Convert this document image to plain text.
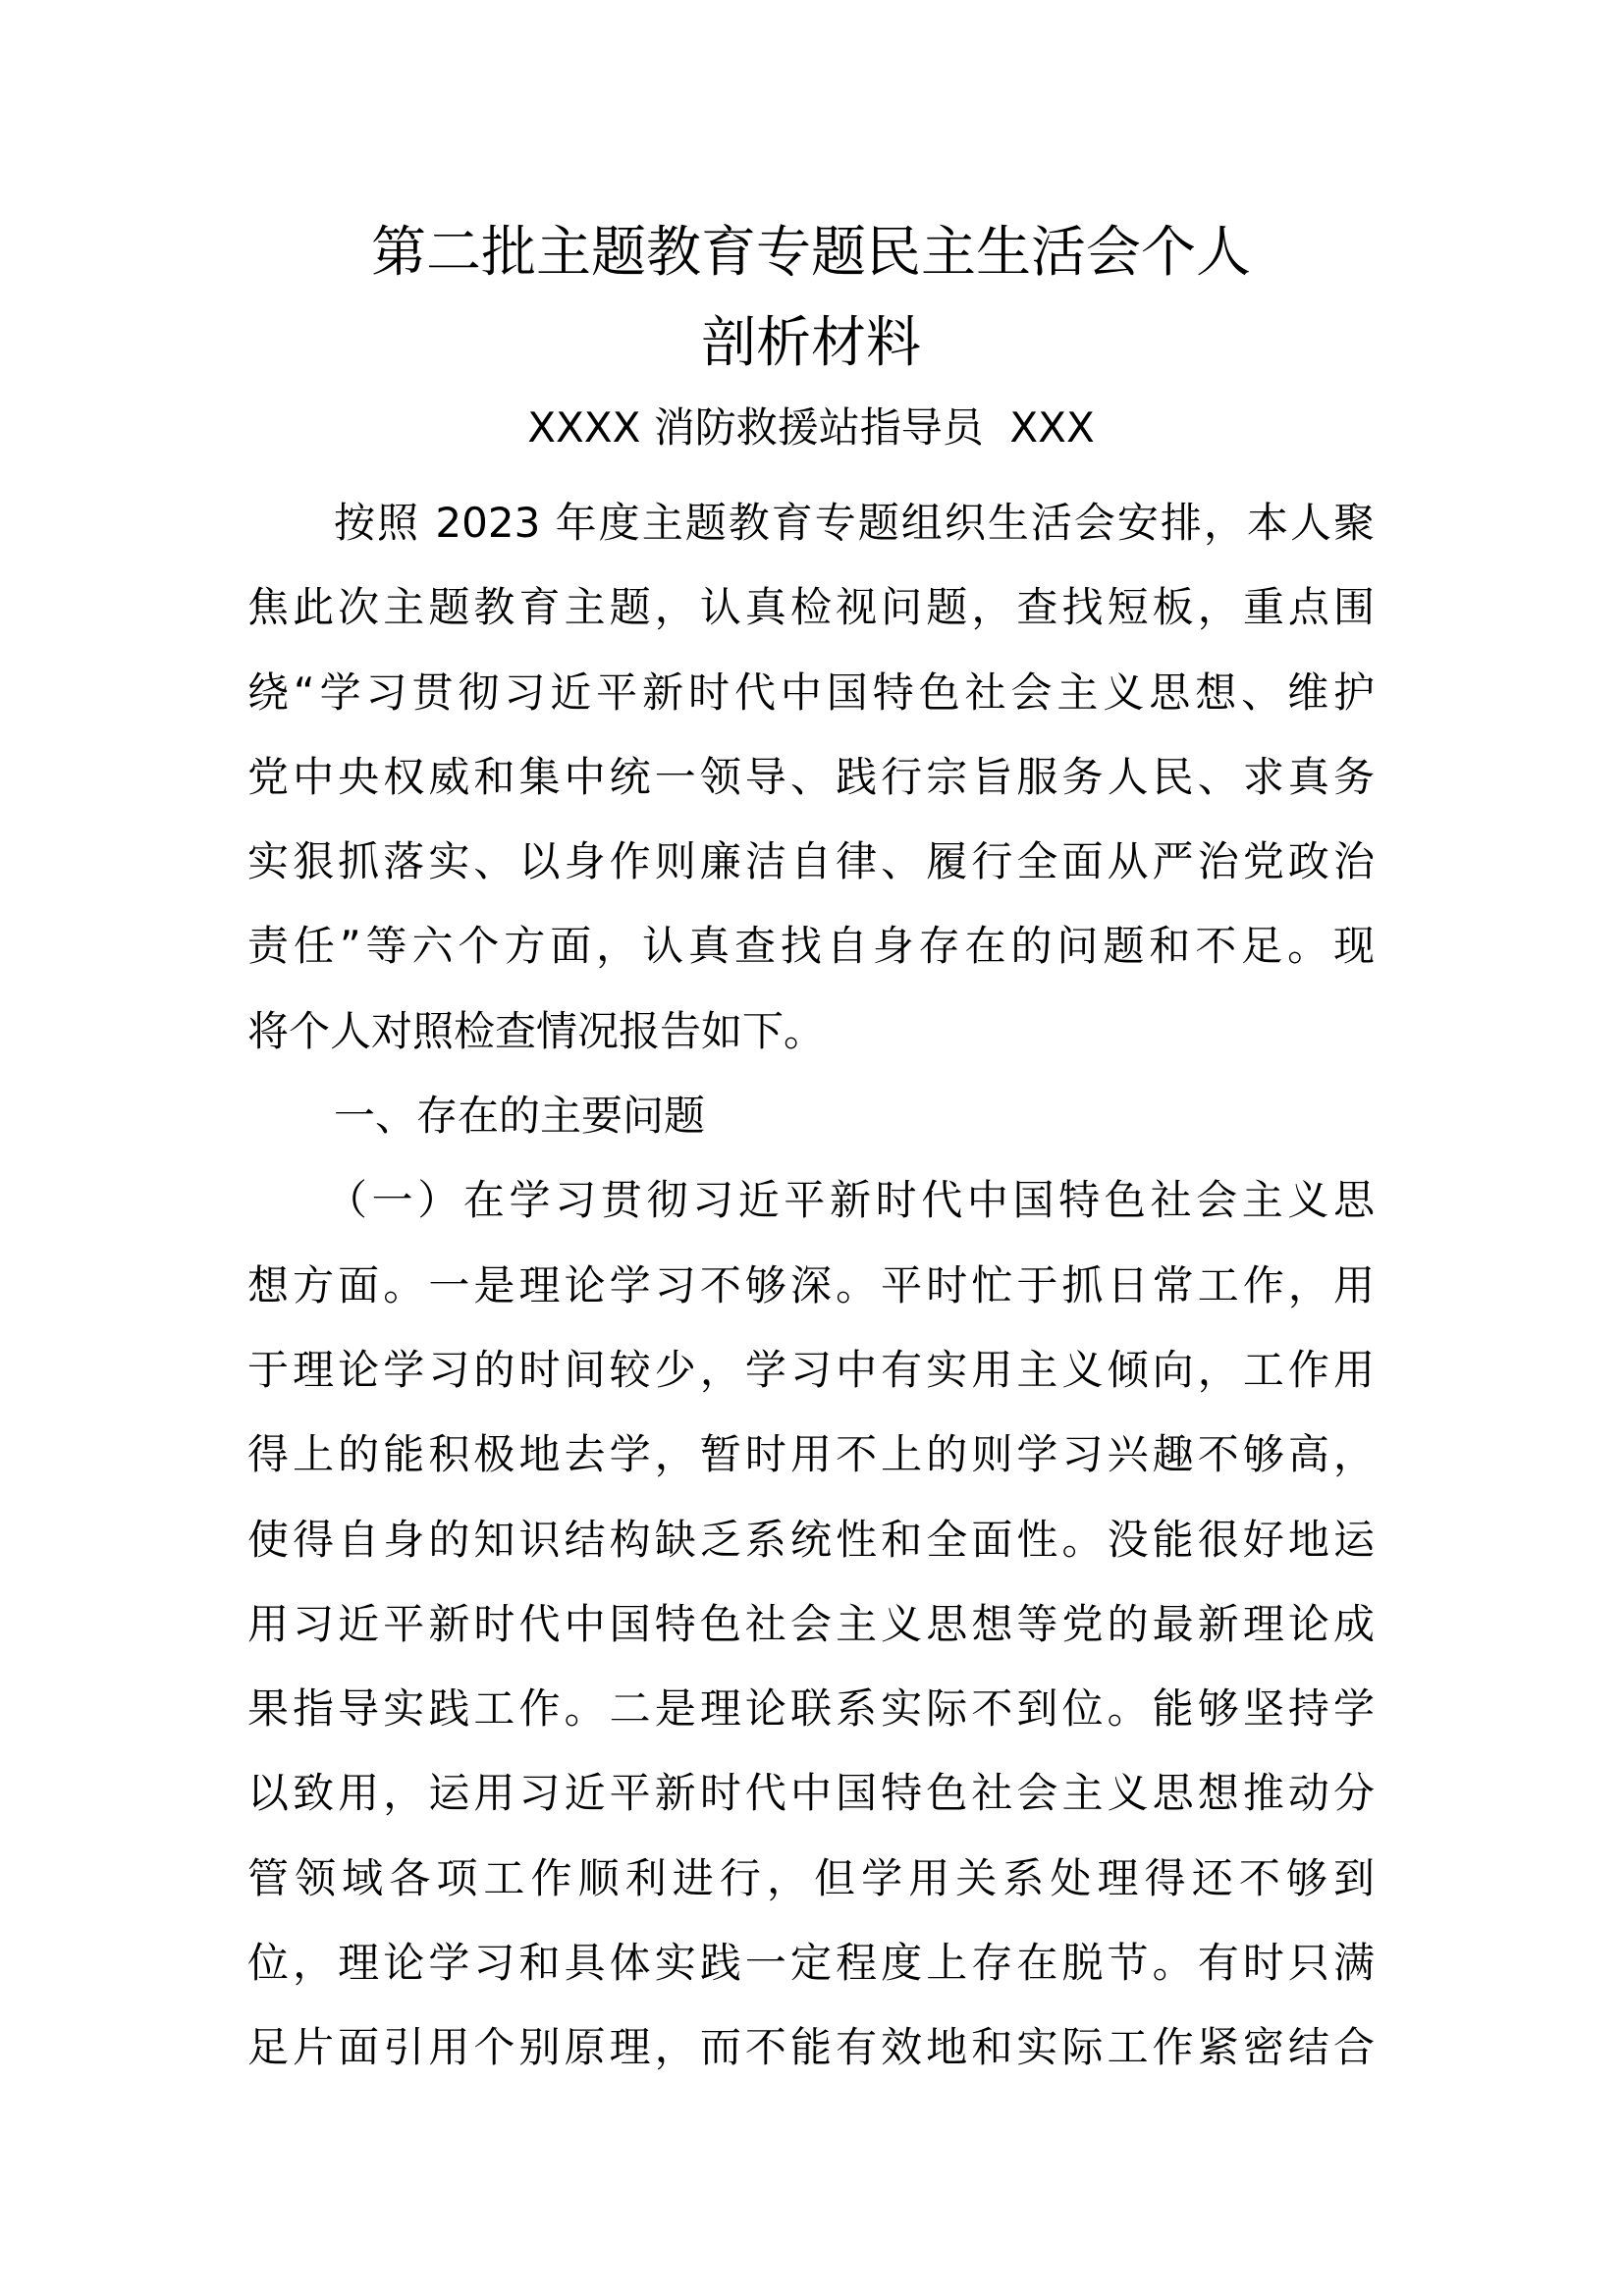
第二批主题教育专题民主生活会个人
剖析材料

XXXX 消防救援站指导员  XXX

按照 2023 年度主题教育专题组织生活会安排，本人聚
焦此次主题教育主题，认真检视问题，查找短板，重点围
绕“学习贯彻习近平新时代中国特色社会主义思想、维护
党中央权威和集中统一领导、践行宗旨服务人民、求真务
实狠抓落实、以身作则廉洁自律、履行全面从严治党政治
责任”等六个方面，认真查找自身存在的问题和不足。现
将个人对照检查情况报告如下。
一、存在的主要问题
（一）在学习贯彻习近平新时代中国特色社会主义思
想方面。一是理论学习不够深。平时忙于抓日常工作，用
于理论学习的时间较少，学习中有实用主义倾向，工作用
得上的能积极地去学，暂时用不上的则学习兴趣不够高，
使得自身的知识结构缺乏系统性和全面性。没能很好地运
用习近平新时代中国特色社会主义思想等党的最新理论成
果指导实践工作。二是理论联系实际不到位。能够坚持学
以致用，运用习近平新时代中国特色社会主义思想推动分
管领域各项工作顺利进行，但学用关系处理得还不够到
位，理论学习和具体实践一定程度上存在脱节。有时只满
足片面引用个别原理，而不能有效地和实际工作紧密结合
